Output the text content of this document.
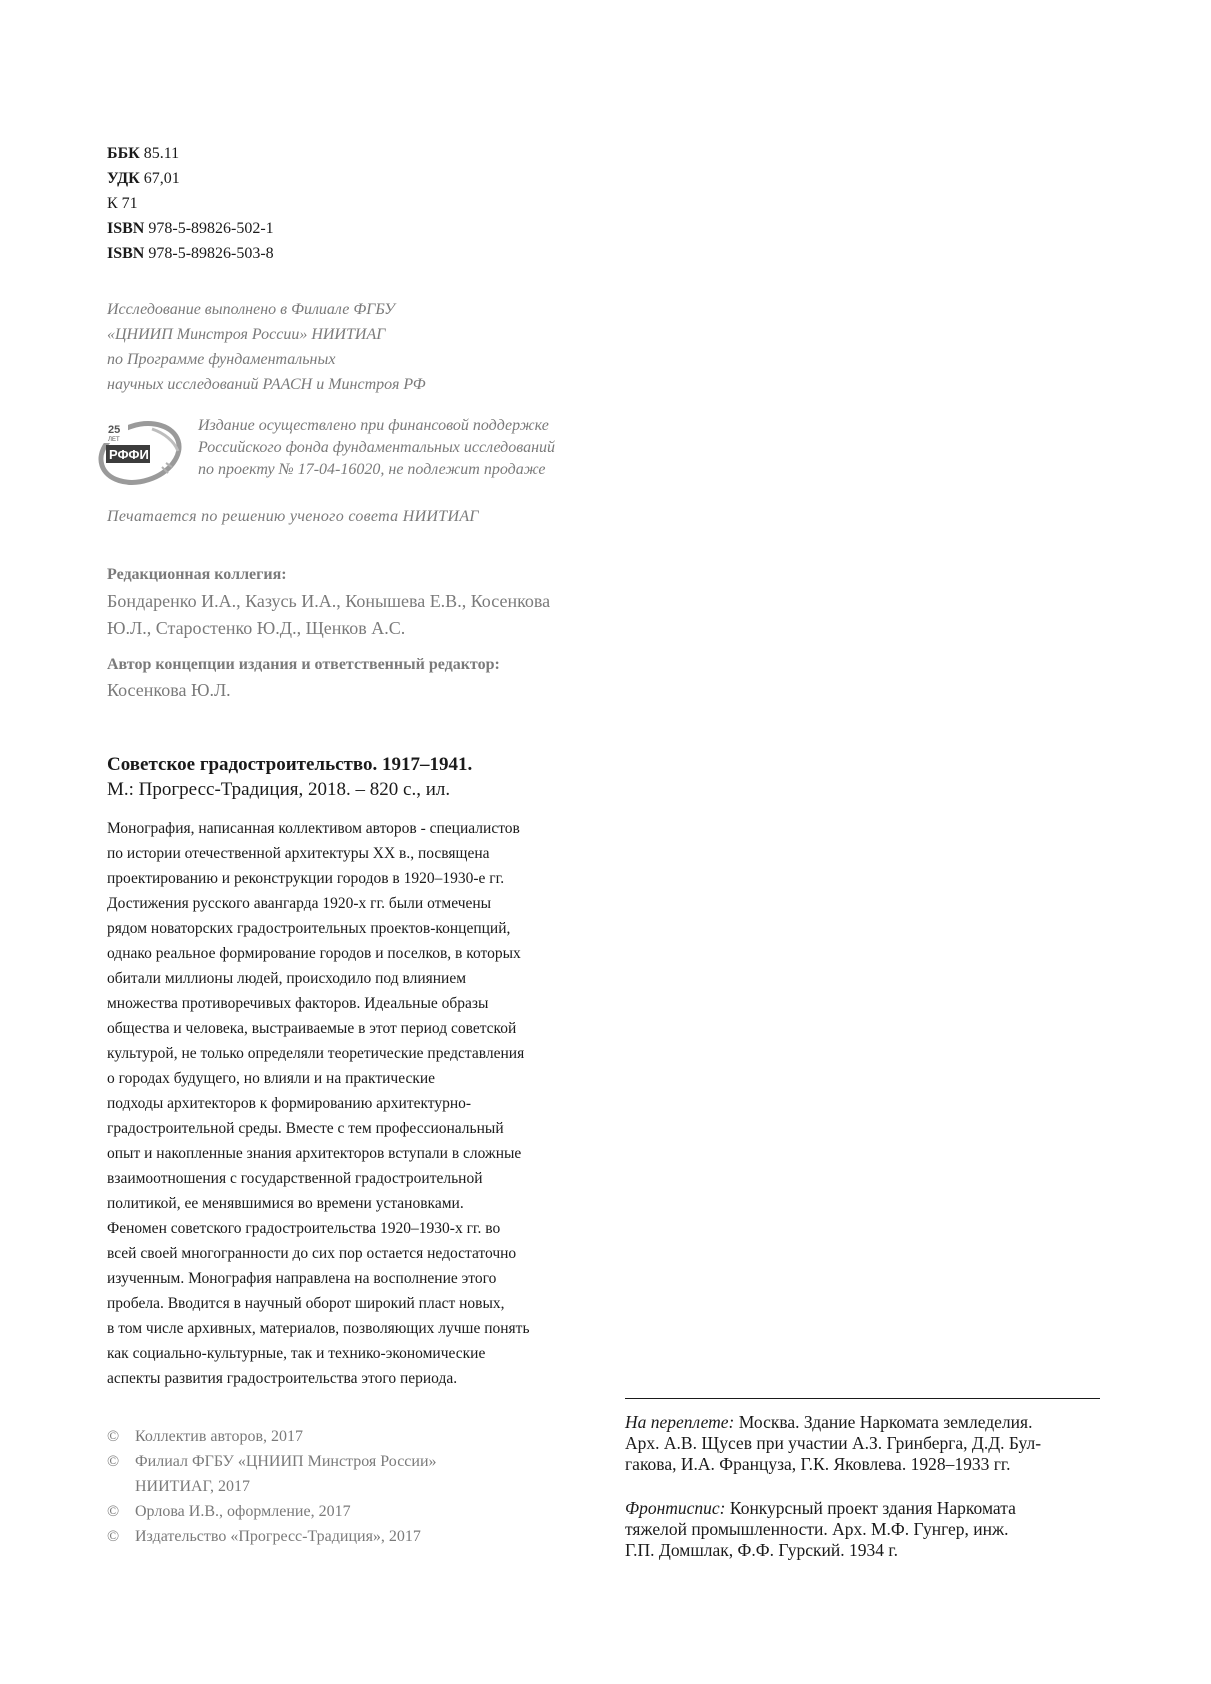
ББК 85.11
УДК 67,01
К 71
ISBN 978-5-89826-502-1
ISBN 978-5-89826-503-8
Исследование выполнено в Филиале ФГБУ
«ЦНИИП Минстроя России» НИИТИАГ
по Программе фундаментальных
научных исследований РААСН и Минстроя РФ
25
ЛЕТ
РФФИ
Издание осуществлено при финансовой поддержке
Российского фонда фундаментальных исследований
по проекту № 17-04-16020, не подлежит продаже
Печатается по решению ученого совета НИИТИАГ
Редакционная коллегия:
Бондаренко И.А., Казусь И.А., Конышева Е.В., Косенкова
Ю.Л., Старостенко Ю.Д., Щенков А.С.
Автор концепции издания и ответственный редактор:
Косенкова Ю.Л.
Советское градостроительство. 1917–1941.
М.: Прогресс-Традиция, 2018. – 820 с., ил.
Монография, написанная коллективом авторов - специалистов
по истории отечественной архитектуры XX в., посвящена
проектированию и реконструкции городов в 1920–1930-е гг.
Достижения русского авангарда 1920-х гг. были отмечены
рядом новаторских градостроительных проектов-концепций,
однако реальное формирование городов и поселков, в которых
обитали миллионы людей, происходило под влиянием
множества противоречивых факторов. Идеальные образы
общества и человека, выстраиваемые в этот период советской
культурой, не только определяли теоретические представления
о городах будущего, но влияли и на практические
подходы архитекторов к формированию архитектурно-
градостроительной среды. Вместе с тем профессиональный
опыт и накопленные знания архитекторов вступали в сложные
взаимоотношения с государственной градостроительной
политикой, ее менявшимися во времени установками.
Феномен советского градостроительства 1920–1930-х гг. во
всей своей многогранности до сих пор остается недостаточно
изученным. Монография направлена на восполнение этого
пробела. Вводится в научный оборот широкий пласт новых,
в том числе архивных, материалов, позволяющих лучше понять
как социально-культурные, так и технико-экономические
аспекты развития градостроительства этого периода.
© Коллектив авторов, 2017
© Филиал ФГБУ «ЦНИИП Минстроя России»
НИИТИАГ, 2017
© Орлова И.В., оформление, 2017
© Издательство «Прогресс-Традиция», 2017
На переплете: Москва. Здание Наркомата земледелия.
Арх. А.В. Щусев при участии А.З. Гринберга, Д.Д. Бул-
гакова, И.А. Француза, Г.К. Яковлева. 1928–1933 гг.
Фронтиспис: Конкурсный проект здания Наркомата
тяжелой промышленности. Арх. М.Ф. Гунгер, инж.
Г.П. Домшлак, Ф.Ф. Гурский. 1934 г.
